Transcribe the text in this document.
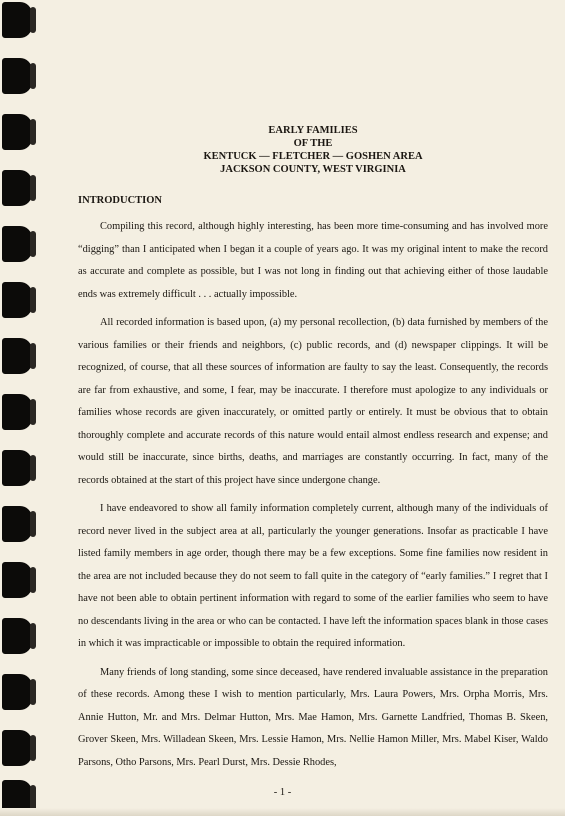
EARLY FAMILIES
OF THE
KENTUCK — FLETCHER — GOSHEN AREA
JACKSON COUNTY, WEST VIRGINIA
INTRODUCTION

Compiling this record, although highly interesting, has been more time-consuming and has involved more “digging” than I anticipated when I began it a couple of years ago. It was my original intent to make the record as accurate and complete as possible, but I was not long in finding out that achieving either of those laudable ends was extremely difficult . . . actually impossible.

All recorded information is based upon, (a) my personal recollection, (b) data furnished by members of the various families or their friends and neighbors, (c) public records, and (d) newspaper clippings. It will be recognized, of course, that all these sources of information are faulty to say the least. Consequently, the records are far from exhaustive, and some, I fear, may be inaccurate. I therefore must apologize to any individuals or families whose records are given inaccurately, or omitted partly or entirely. It must be obvious that to obtain thoroughly complete and accurate records of this nature would entail almost endless research and expense; and would still be inaccurate, since births, deaths, and marriages are constantly occurring. In fact, many of the records obtained at the start of this project have since undergone change.

I have endeavored to show all family information completely current, although many of the individuals of record never lived in the subject area at all, particularly the younger generations. Insofar as practicable I have listed family members in age order, though there may be a few exceptions. Some fine families now resident in the area are not included because they do not seem to fall quite in the category of “early families.” I regret that I have not been able to obtain pertinent information with regard to some of the earlier families who seem to have no descendants living in the area or who can be contacted. I have left the information spaces blank in those cases in which it was impracticable or impossible to obtain the required information.

Many friends of long standing, some since deceased, have rendered invaluable assistance in the preparation of these records. Among these I wish to mention particularly, Mrs. Laura Powers, Mrs. Orpha Morris, Mrs. Annie Hutton, Mr. and Mrs. Delmar Hutton, Mrs. Mae Hamon, Mrs. Garnette Landfried, Thomas B. Skeen, Grover Skeen, Mrs. Willadean Skeen, Mrs. Lessie Hamon, Mrs. Nellie Hamon Miller, Mrs. Mabel Kiser, Waldo Parsons, Otho Parsons, Mrs. Pearl Durst, Mrs. Dessie Rhodes,

- 1 -
